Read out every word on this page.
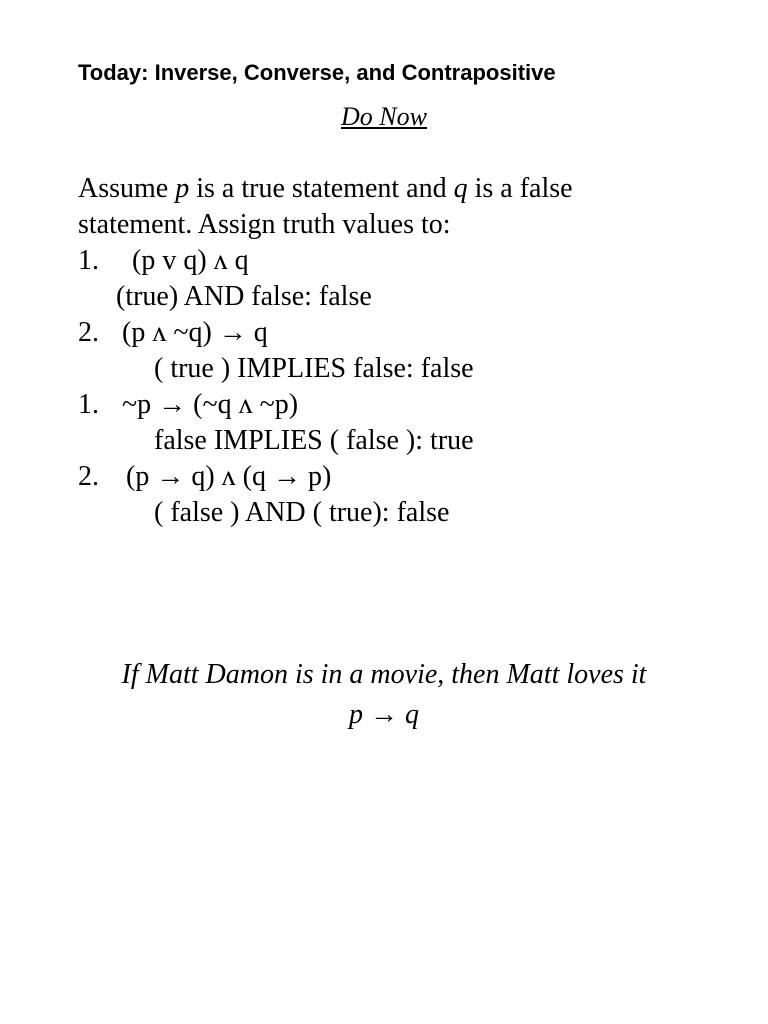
Today: Inverse, Converse, and Contrapositive
Do Now
Assume p is a true statement and q is a false
statement. Assign truth values to:
1. (p v q) ʌ q
(true) AND false: false
2. (p ʌ ~q) → q
( true ) IMPLIES false: false
1. ~p → (~q ʌ ~p)
false IMPLIES ( false ): true
2. (p → q) ʌ (q → p)
( false ) AND ( true): false
If Matt Damon is in a movie, then Matt loves it
p → q
